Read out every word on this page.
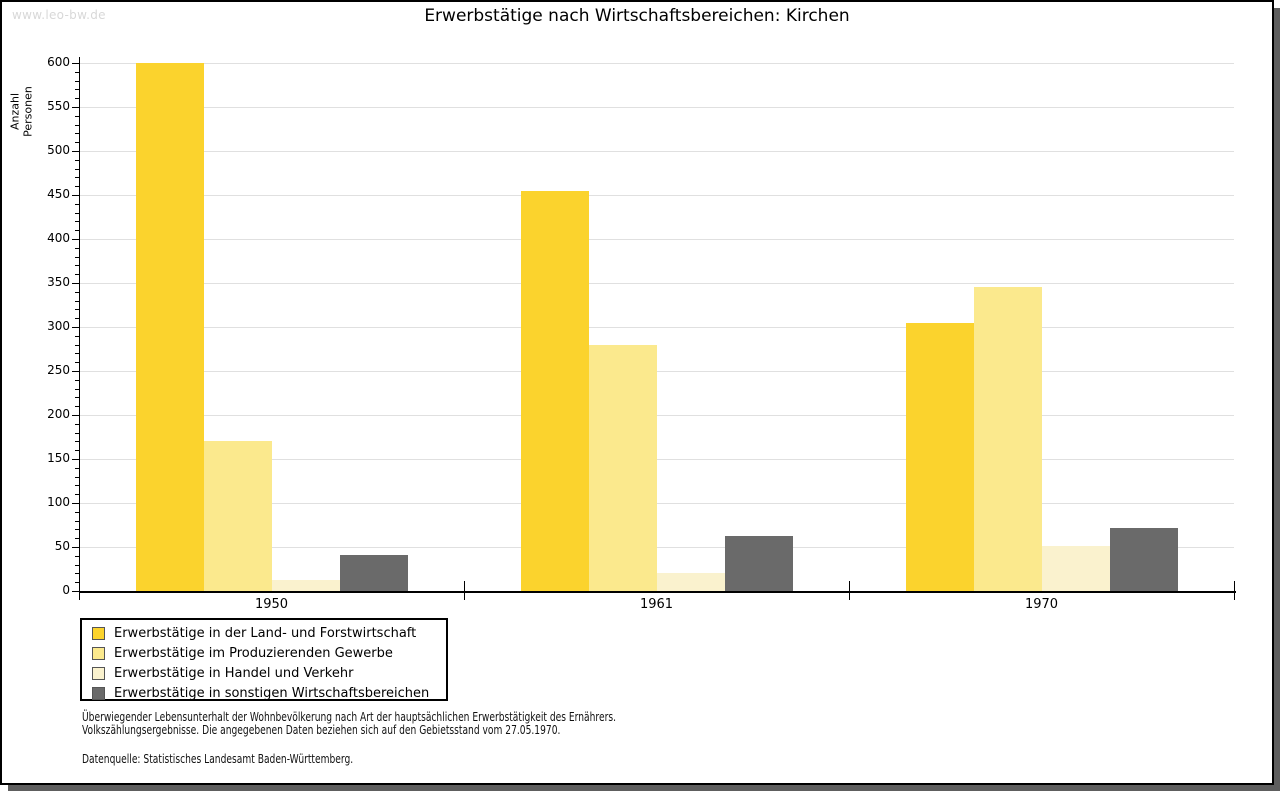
www.leo-bw.de	Erwerbstätige nach Wirtschaftsbereichen: Kirchen
Anzahl Personen
0
50
100
150
200
250
300
350
400
450
500
550
600
1950	1961	1970
Erwerbstätige in der Land- und Forstwirtschaft
Erwerbstätige im Produzierenden Gewerbe
Erwerbstätige in Handel und Verkehr
Erwerbstätige in sonstigen Wirtschaftsbereichen
Überwiegender Lebensunterhalt der Wohnbevölkerung nach Art der hauptsächlichen Erwerbstätigkeit des Ernährers.
Volkszählungsergebnisse. Die angegebenen Daten beziehen sich auf den Gebietsstand vom 27.05.1970.
Datenquelle: Statistisches Landesamt Baden-Württemberg.
